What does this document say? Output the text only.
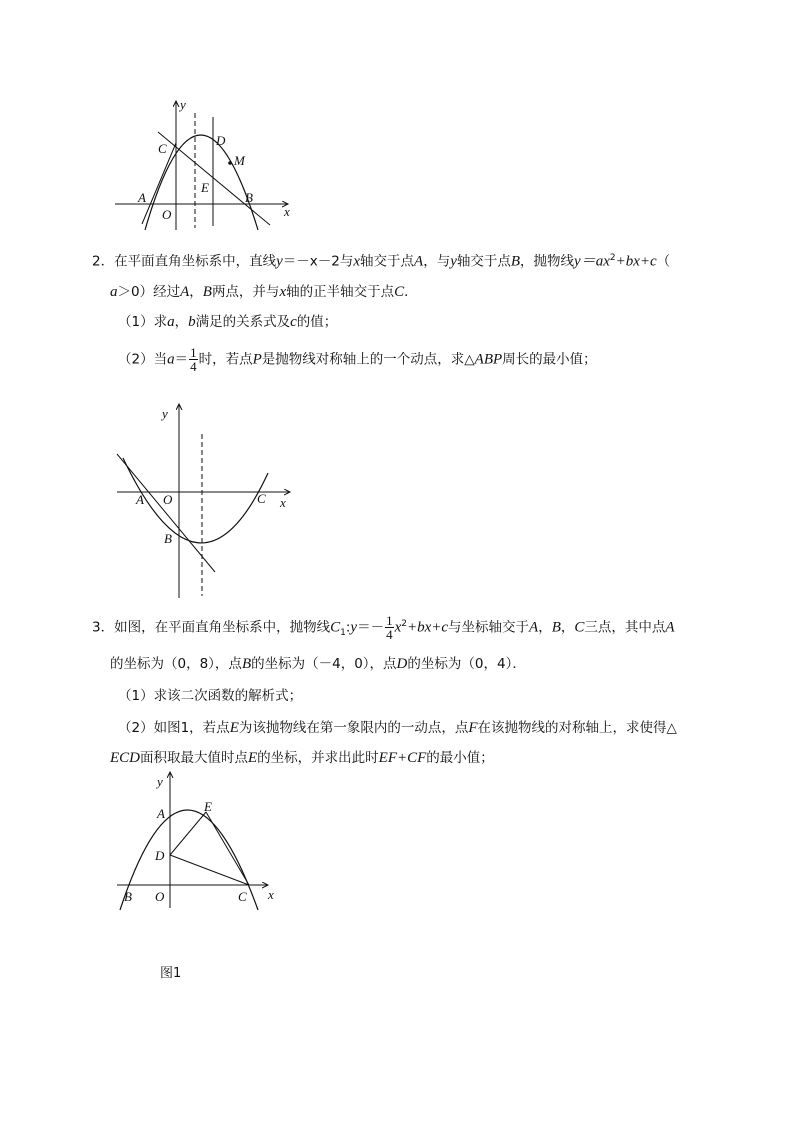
y
x
O
A	B
C
D
E
M
2．在平面直角坐标系中，直线y＝－x－2与x轴交于点A，与y轴交于点B，抛物线$y=ax^2+bx+c$（
a＞0）经过A，B两点，并与x轴的正半轴交于点C．
（1）求a，b满足的关系式及c的值；
（2）当$a= \frac{1}{4}$ 时，若点P是抛物线对称轴上的一个动点，求△ABP周长的最小值；
y
x
A O	C
B
3．如图，在平面直角坐标系中，抛物线$C_1:y=- \frac{1}{4} x^2+bx+c$与坐标轴交于A，B，C三点，其中点A
的坐标为（0，8），点B的坐标为（－4，0），点D的坐标为（0，4）．
（1）求该二次函数的解析式；
（2）如图1，若点E为该抛物线在第一象限内的一动点，点F在该抛物线的对称轴上，求使得△
ECD面积取最大值时点E的坐标，并求出此时EF+CF的最小值；
y
x
A	E
D
B O	C
图1
